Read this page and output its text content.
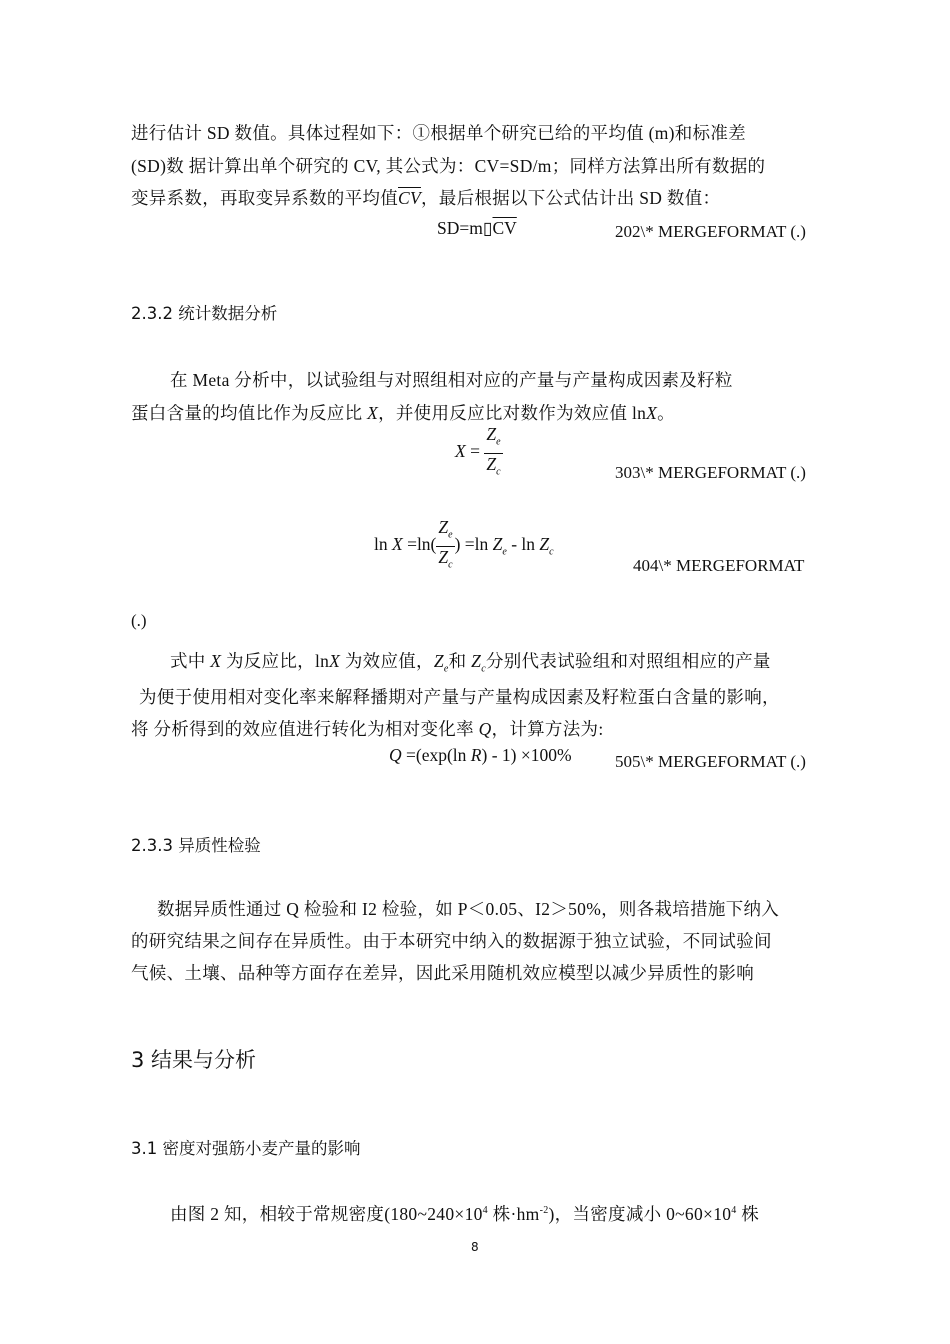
进行估计 SD 数值。具体过程如下：①根据单个研究已给的平均值 (m)和标准差
(SD)数 据计算出单个研究的 CV, 其公式为：CV=SD/m；同样方法算出所有数据的
变异系数，再取变异系数的平均值$\overline{CV}$，最后根据以下公式估计出 SD 数值：
$SD=m▯\overline{CV}$	202\* MERGEFORMAT (.)
2.3.2 统计数据分析
在 Meta 分析中，以试验组与对照组相对应的产量与产量构成因素及籽粒
蛋白含量的均值比作为反应比 X，并使用反应比对数作为效应值 lnX。
$X = \frac{Z_e}{Z_c}$	303\* MERGEFORMAT (.)
$\ln X =\ln( \frac{Z_e}{Z_c}$ ) =ln $Z_e$ - $\ln Z_c$
404\* MERGEFORMAT
(.)
式中 X 为反应比，lnX 为效应值，$Z_e$和 $Z_c$分别代表试验组和对照组相应的产量
为便于使用相对变化率来解释播期对产量与产量构成因素及籽粒蛋白含量的影响，
将 分析得到的效应值进行转化为相对变化率 Q，计算方法为:
Q =(exp(ln R) - 1) ×100%	505\* MERGEFORMAT (.)
2.3.3 异质性检验
数据异质性通过 Q 检验和 I2 检验，如 P＜0.05、I2＞50%，则各栽培措施下纳入
的研究结果之间存在异质性。由于本研究中纳入的数据源于独立试验，不同试验间
气候、土壤、品种等方面存在差异，因此采用随机效应模型以减少异质性的影响
3 结果与分析
3.1 密度对强筋小麦产量的影响
由图 2 知，相较于常规密度($180\sim 240\times 10^4$ 株$\cdot hm^{-2}$)，当密度减小 $0\sim 60\times 10^4$ 株
8
